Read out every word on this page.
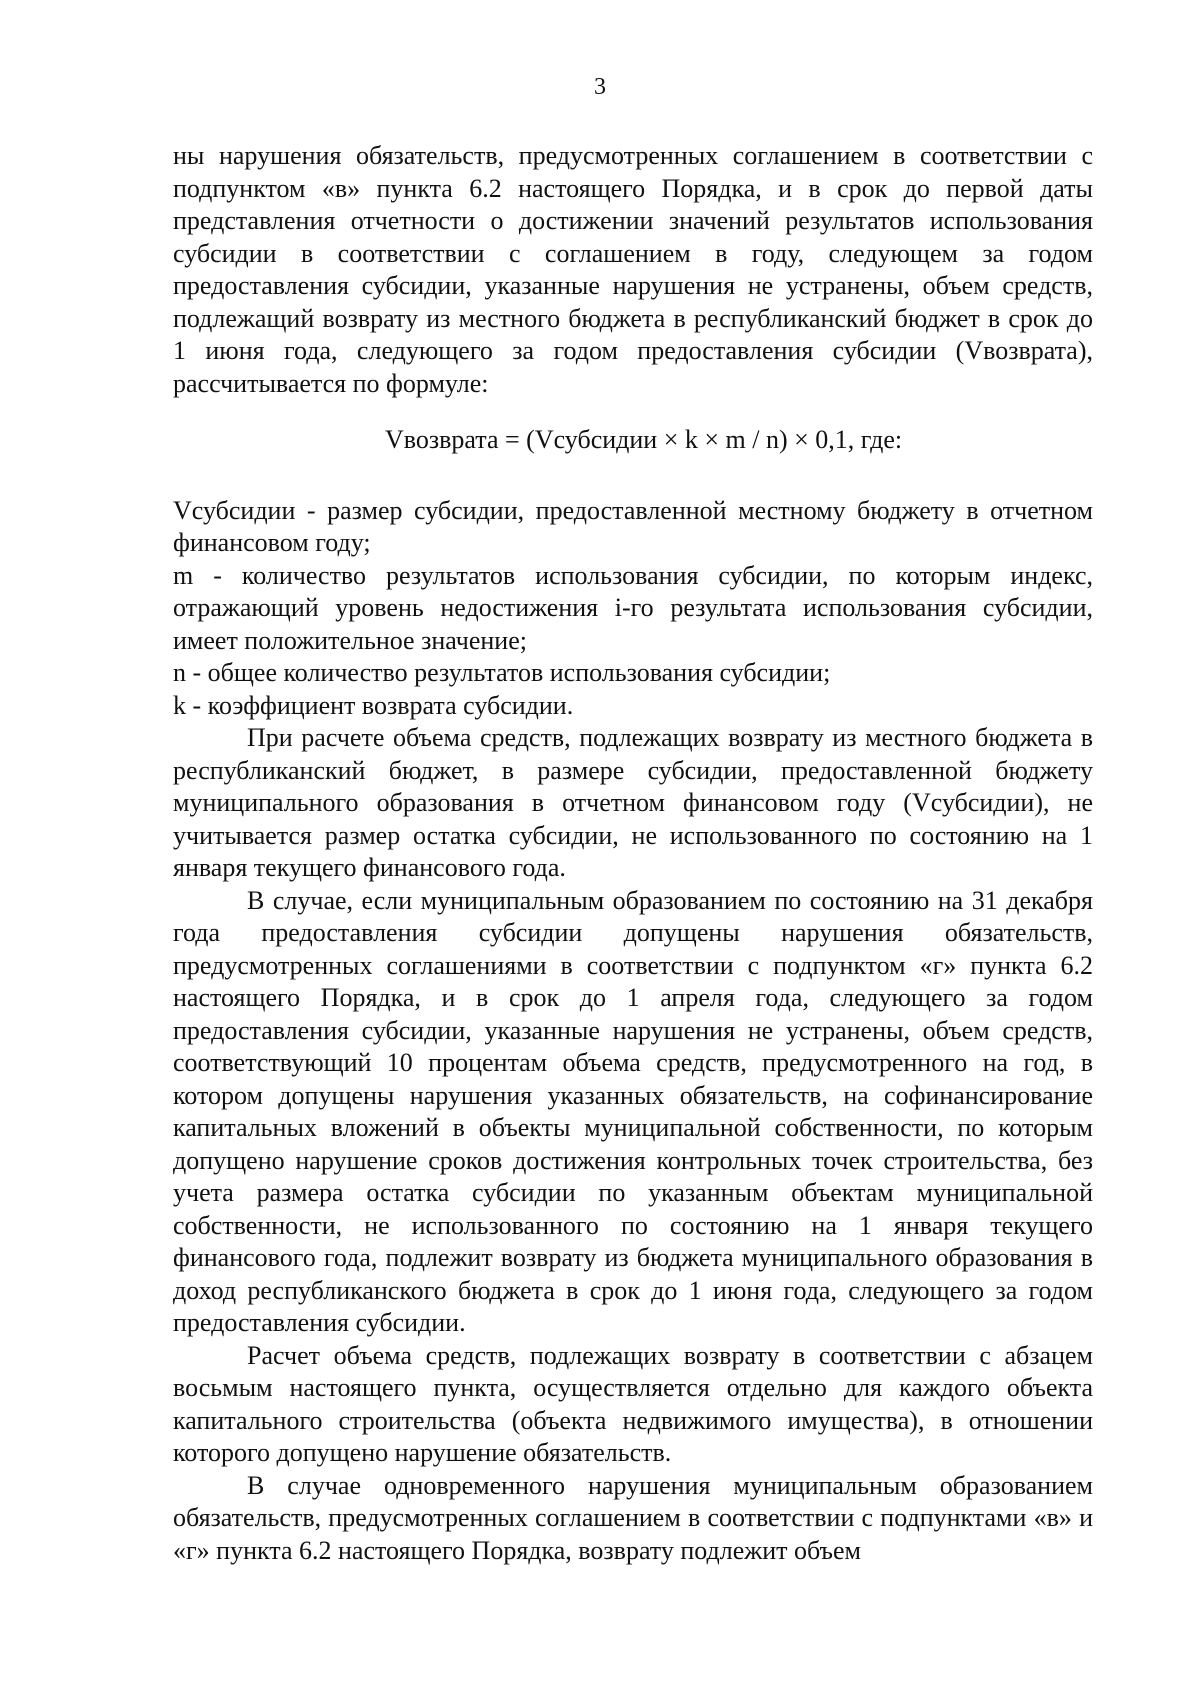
3

ны нарушения обязательств, предусмотренных соглашением в соответствии с подпунктом «в» пункта 6.2 настоящего Порядка, и в срок до первой даты представления отчетности о достижении значений результатов использования субсидии в соответствии с соглашением в году, следующем за годом предоставления субсидии, указанные нарушения не устранены, объем средств, подлежащий возврату из местного бюджета в республиканский бюджет в срок до 1 июня года, следующего за годом предоставления субсидии (Vвозврата), рассчитывается по формуле:

Vвозврата = (Vсубсидии × k × m / n) × 0,1, где:

Vсубсидии - размер субсидии, предоставленной местному бюджету в отчетном финансовом году;

m - количество результатов использования субсидии, по которым индекс, отражающий уровень недостижения i-го результата использования субсидии, имеет положительное значение;

n - общее количество результатов использования субсидии;

k - коэффициент возврата субсидии.

При расчете объема средств, подлежащих возврату из местного бюджета в республиканский бюджет, в размере субсидии, предоставленной бюджету муниципального образования в отчетном финансовом году (Vсубсидии), не учитывается размер остатка субсидии, не использованного по состоянию на 1 января текущего финансового года.

В случае, если муниципальным образованием по состоянию на 31 декабря года предоставления субсидии допущены нарушения обязательств, предусмотренных соглашениями в соответствии с подпунктом «г» пункта 6.2 настоящего Порядка, и в срок до 1 апреля года, следующего за годом предоставления субсидии, указанные нарушения не устранены, объем средств, соответствующий 10 процентам объема средств, предусмотренного на год, в котором допущены нарушения указанных обязательств, на софинансирование капитальных вложений в объекты муниципальной собственности, по которым допущено нарушение сроков достижения контрольных точек строительства, без учета размера остатка субсидии по указанным объектам муниципальной собственности, не использованного по состоянию на 1 января текущего финансового года, подлежит возврату из бюджета муниципального образования в доход республиканского бюджета в срок до 1 июня года, следующего за годом предоставления субсидии.

Расчет объема средств, подлежащих возврату в соответствии с абзацем восьмым настоящего пункта, осуществляется отдельно для каждого объекта капитального строительства (объекта недвижимого имущества), в отношении которого допущено нарушение обязательств.

В случае одновременного нарушения муниципальным образованием обязательств, предусмотренных соглашением в соответствии с подпунктами «в» и «г» пункта 6.2 настоящего Порядка, возврату подлежит объем
